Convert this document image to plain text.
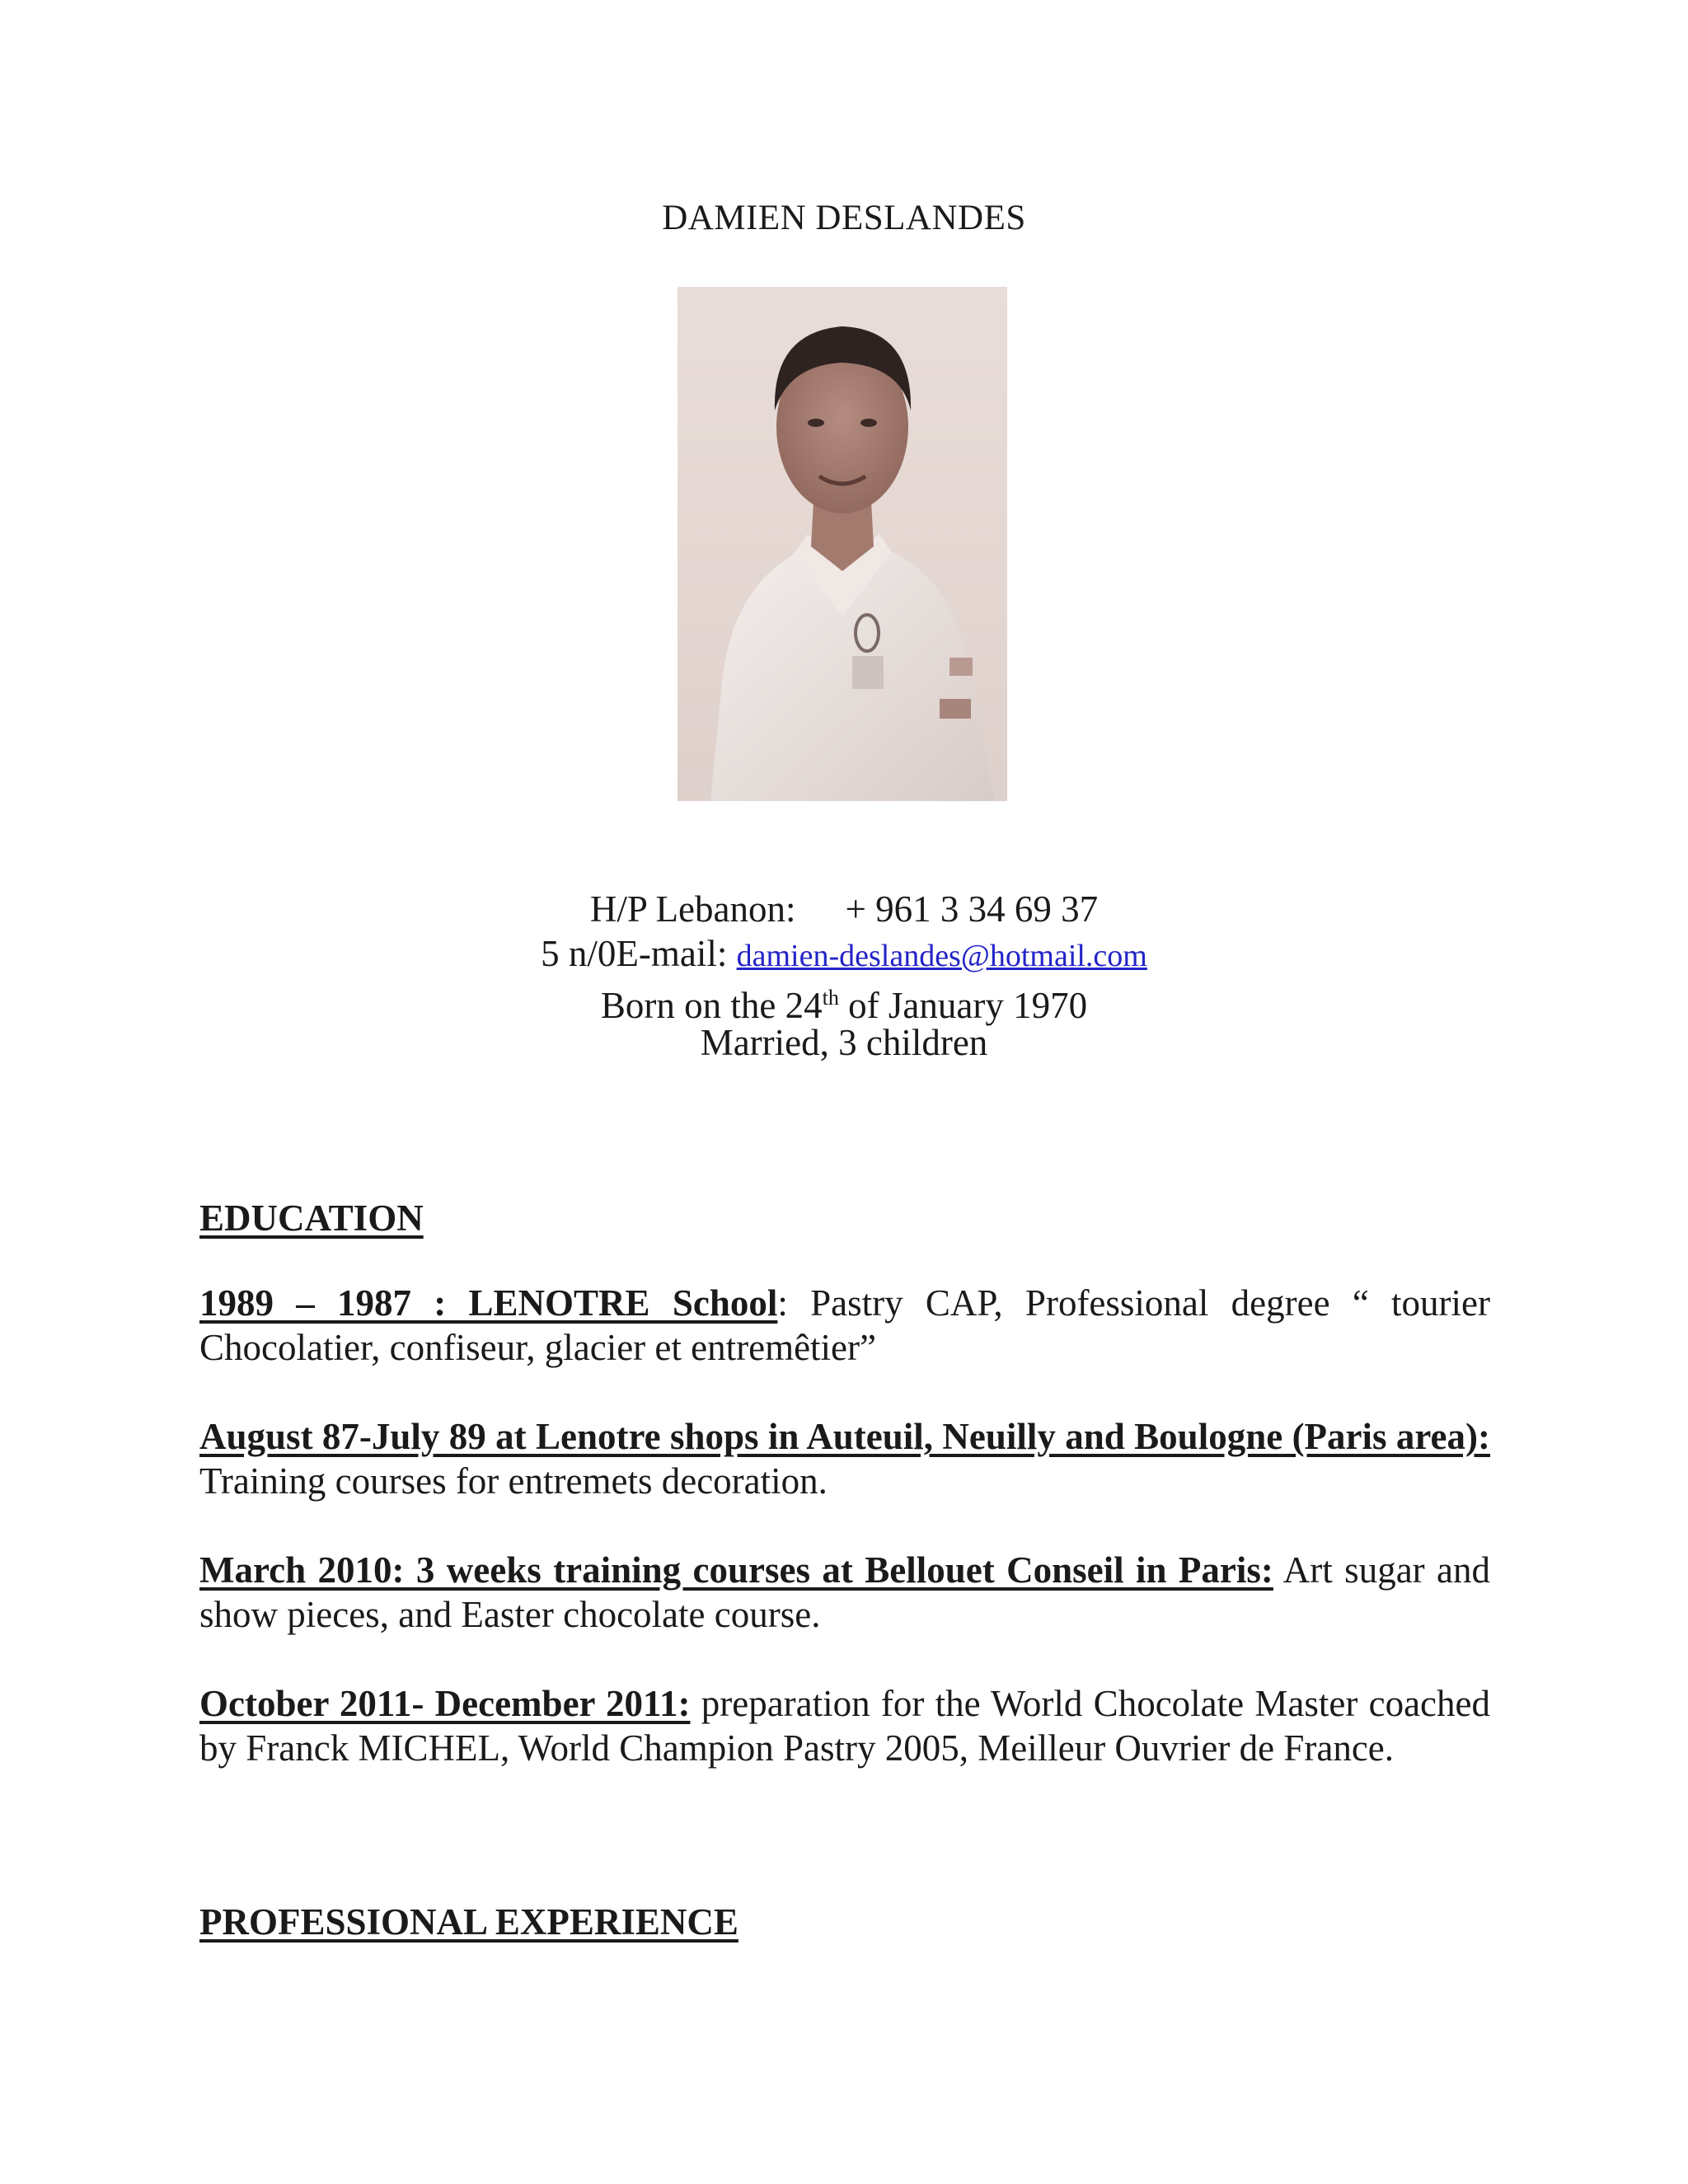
DAMIEN DESLANDES
H/P Lebanon: + 961 3 34 69 37
5 n/0E-mail: damien-deslandes@hotmail.com
Born on the 24th of January 1970
Married, 3 children
EDUCATION
1989 – 1987 : LENOTRE School: Pastry CAP, Professional degree “ tourier Chocolatier, confiseur, glacier et entremêtier”
August 87-July 89 at Lenotre shops in Auteuil, Neuilly and Boulogne (Paris area): Training courses for entremets decoration.
March 2010: 3 weeks training courses at Bellouet Conseil in Paris: Art sugar and show pieces, and Easter chocolate course.
October 2011- December 2011: preparation for the World Chocolate Master coached by Franck MICHEL, World Champion Pastry 2005, Meilleur Ouvrier de France.
PROFESSIONAL EXPERIENCE
